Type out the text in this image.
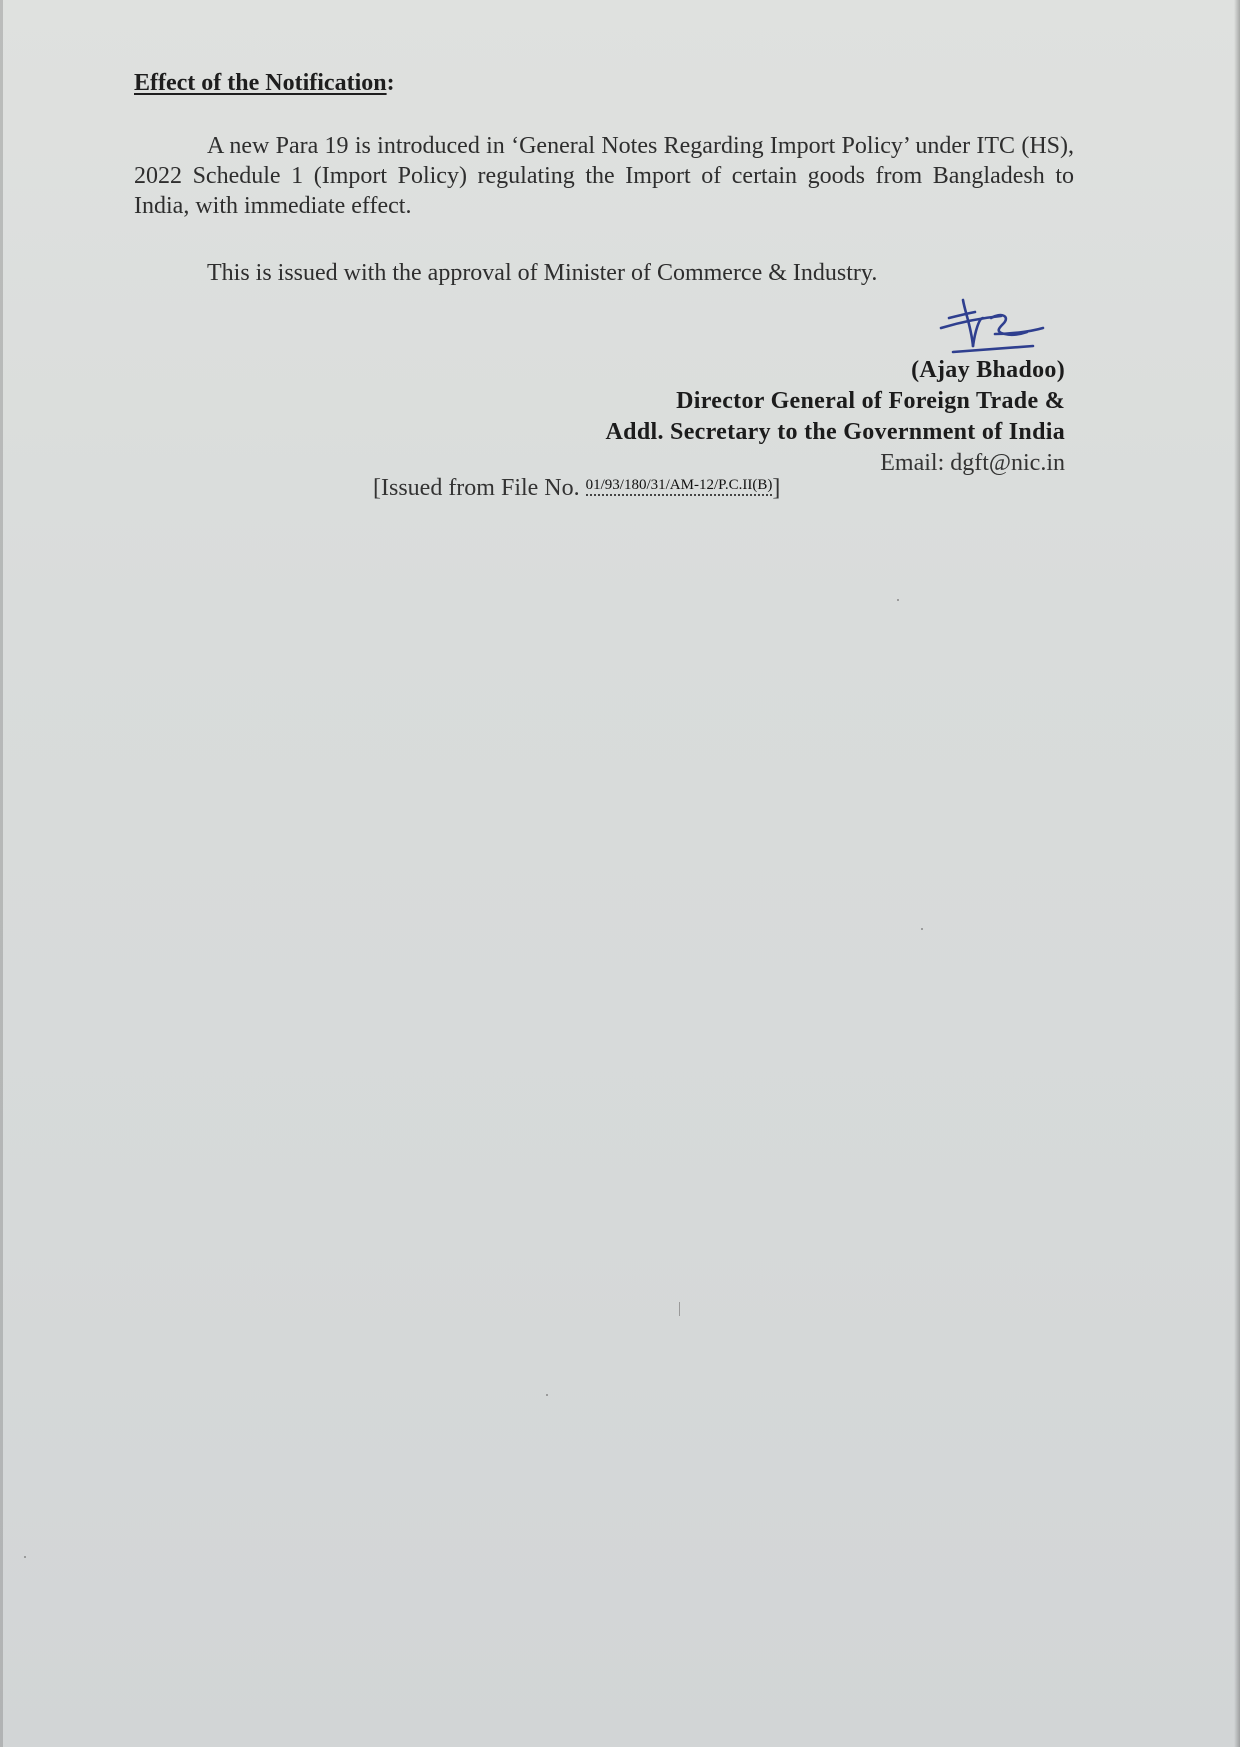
Effect of the Notification:

A new Para 19 is introduced in ‘General Notes Regarding Import Policy’ under ITC (HS), 2022 Schedule 1 (Import Policy) regulating the Import of certain goods from Bangladesh to India, with immediate effect.

This is issued with the approval of Minister of Commerce & Industry.

(Ajay Bhadoo)
Director General of Foreign Trade &
Addl. Secretary to the Government of India
Email: dgft@nic.in
[Issued from File No. $^{01/93/180/31/AM-12/P.C.II(B)}$]
